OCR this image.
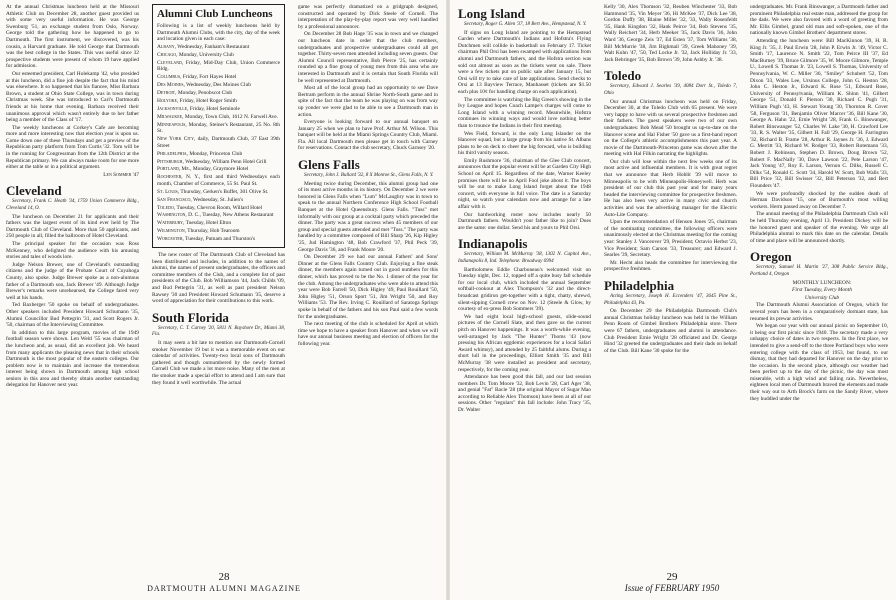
At the annual Christmas luncheon held at the Missouri Athletic Club on December 28, another guest provided us with some very useful information. He was George Swenburg '51, an exchange student from Oslo, Norway. George told the gathering how he happened to go to Dartmouth. The first instrument, we discovered, was his cousin, a Harvard graduate. He told George that Dartmouth was the best college in the States. This was useful since 32 prospective students were present of whom 19 have applied for admission.

Our esteemed president, Carl Holekamp '42, who presided at this luncheon, did a fine job despite the fact that his mind was elsewhere. It so happened that his fiancee, Miss Barbara Brown, a student at Ohio State College, was in town during Christmas week. She was introduced to Carl's Dartmouth friends at his home that evening. Barbara received their unanimous approval which wasn't entirely due to her father being a member of the Class of '17.

The weekly luncheons at Corkey's Cafe are becoming more and more interesting now that election year is upon us. Come down one of these Thursdays and get a preview of the Republican party platform from Tom Curtis '32. Tom will be in the running for Congressman from the 12th District at the Republican primary. We can always make room for one more either at the table or in a political argument.

Len Sommer '47
Cleveland

Secretary, Frank C. Heath '34, 1759 Union Commerce Bldg., Cleveland 14, O.

The luncheon on December 21 for applicants and their fathers was the largest event of its kind ever held by The Dartmouth Club of Cleveland. More than 50 applicants, and 250 people in all, filled the ballroom of Hotel Cleveland.

The principal speaker for the occasion was Ross McKenney, who delighted the audience with his amusing stories and tales of woods lore.

Judge Nelson Brewer, one of Cleveland's outstanding citizens and the judge of the Probate Court of Cuyahoga County, also spoke. Judge Brewer spoke as a non-alumnus father of a Dartmouth son, Jack Brewer '49. Although Judge Brewer's remarks were unrehearsed, the College fared very well at his hands.

Ted Baxberger '50 spoke on behalf of undergraduates. Other speakers included President Howard Schumann '35, Alumni Councillor Bud Pettegrin '31, and Scott Rogers Jr. '50, chairman of the Interviewing Committee.

In addition to this large program, movies of the 1949 football season were shown. Len Weitl '55 was chairman of the luncheon and, as usual, did an excellent job. We heard from many applicants the pleasing news that in their schools Dartmouth is the most popular of the eastern colleges. Our problem now is to maintain and increase the tremendous interest being shown in Dartmouth among high school seniors in this area and thereby obtain another outstanding delegation for Hanover next year.

Alumni Club Luncheons

Following is a list of weekly luncheons held by Dartmouth Alumni Clubs, with the city, day of the week and location given in each case:

Albany, Wednesday, Fanham's Restaurant

Chicago, Monday, University Club

Cleveland, Friday, Mid-Day Club, Union Commerce Bldg.

Columbus, Friday, Fort Hayes Hotel

Des Moines, Wednesday, Des Moines Club

Detroit, Monday, Penobscot Club

Holyoke, Friday, Hotel Roger Smith

Jacksonville, Friday, Hotel Seminole

Milwaukee, Monday, Town Club, 1612 N. Farwell Ave.

Minneapolis, Monday, Steiner's Restaurant, 25 No. 8th St.

New York City, daily, Dartmouth Club, 37 East 39th Street

Philadelphia, Monday, Princeton Club

Pittsburgh, Wednesday, William Penn Hotel Grill

Portland, Me., Monday, Graymore Hotel

Rochester, N. Y., first and third Wednesdays each month, Chamber of Commerce, 55 St. Paul St.

St. Louis, Thursday, Gerken's Buffet, 301 Olive St.

San Francisco, Wednesday, St. Julien's

Toledo, Tuesday, Chevron Room, Willard Hotel

Washington, D. C., Tuesday, New Athens Restaurant

Waterbury, Tuesday, Hotel Elton

Wilmington, Thursday, Hob Tearoom

Worcester, Tuesday, Putnam and Thurston's

The new roster of The Dartmouth Club of Cleveland has been distributed and includes, in addition to the names of alumni, the names of present undergraduates, the officers and committee members of the Club, and a complete list of past presidents of the Club. Bob Williamson '44, Jack Childs '09, and Bud Pettegrin '31, as well as past president Nelson Rawsey '30 and President Howard Schumann '35, deserve a word of appreciation for their contributions to this work.

South Florida

Secretary, C. T. Carney '20, 5811 N. Bayshore Dr., Miami 38, Fla.

It may seem a bit late to mention our Dartmouth-Cornell smoker November 19 but it was a memorable event on our calendar of activities. Twenty-two local sons of Dartmouth gathered and though outnumbered by the newly formed Cornell Club we made a lot more noise. Many of the men at the smoker made a special effort to attend and I am sure that they found it well worthwhile. The actual

game was perfectly dramatized on a gridgraph designed, constructed and operated by Dick Steele of Cornell. The interpretation of the play-by-play report was very well handled by a professional announcer.

On December 28 Bob Hage '35 was in town and we changed our luncheon date in order that the club members, undergraduates and prospective undergraduates could all get together. Thirty-seven men attended including seven guests. Our Alumni Council representative, Bob Pierce '25, has certainly rounded up a fine group of young men from this area who are interested in Dartmouth and it is certain that South Florida will be well represented at Dartmouth.

Most all of the local group had an opportunity to see Dave Bertram perform in the annual Shrine North-South game and in spite of the fact that the team he was playing on was from way up yonder we were glad to be able to see a Dartmouth man in action.

Everyone is looking forward to our annual banquet on January 25 when we plan to have Prof. Arthur M. Wilson. This banquet will be held at the Miami Springs Country Club, Miami. Fla. All local Dartmouth men please get in touch with Carney for reservations. Contact the club secretary, Chuck Garnsey '20.

Glens Falls

Secretary, John J. Bullard '32, 8 X Monroe St., Glens Falls, N. Y.

Meeting twice during December, this alumni group had one of its most active months in its history. On December 2 we were honored in Glens Falls when "Lum" McLaughry was in town to speak to the annual Northern Conference High School Football Banquet at the Hotel Queensbury. Glens Falls. "Tuss" met informally with our group at a cocktail party which preceded the dinner. The party was a great success when 45 members of our group and special guests attended and met "Tuss." The party was handled by a committee composed of Bill Sharp '26, Kip Higley '25, Jud Hamington '48, Bob Crawford '37, Phil Peck '39, George Davis '36, and Frank Moore '20.

On December 29 we had our annual Fathers' and Sons' Dinner at the Glens Falls Country Club. Enjoying a fine steak dinner, the members again turned out in good numbers for this dinner, which has proved to be the No. 1 dinner of the year for the club. Among the undergraduates who were able to attend this year were Bob Farrell '50, Dick Higley '49, Paul Rouillard '50, John Higley '51, Orson Sport '51, Jim Wright '50, and Roy Williams '53. The Rev. Irving C. Rouillard of Saratoga Springs spoke in behalf of the fathers and his son Paul said a few words for the undergraduates.

The next meeting of the club is scheduled for April at which time we hope to have a speaker from Hanover and when we will have our annual business meeting and election of officers for the following year.

28
DARTMOUTH ALUMNI MAGAZINE
Long Island

Secretary, Roger G. Allen '37, 18 Bert Ave., Hempstead, N. Y.

If signs on Long Island are pointing to the Hempstead Garden where Dartmouth's Indians and Hofstra's Flying Dutchmen will collide in basketball on February 17. Ticket chairman Phil Orsi has been swamped with applications from alumni and Dartmouth fathers, and the Hofstra section was sold out almost as soon as the tickets went on sale. There were a few tickets put on public sale after January 15, but Orsi will try to take care of late applications. Send checks to Orsi at 13 Bayview Terrace, Manhasset (tickets are $1.50 each plus 10¢ for handling charge on each application).

The committee is watching the Big Green's showing in the Ivy League and hopes Coach Lampe's charges will come to Long Island with a winning record. Meanwhile, Hofstra continues its winning ways and would love nothing better than to trounce the Indians in their first meeting.

Wes Field, forward, is the only Long Islander on the Hanover squad, but a large group from his native St. Albans plans to be on deck to cheer the big forward, who is building his third varsity season.

Emily Rushmore '36, chairman of the Glee Club concert, announces that the popular event will be at Garden City High School on April 15. Regardless of the date, Warner Keeley promises there will be no April Fool joke about it. The boys will be out to make Long Island forget about the 1948 concert, with everyone in full voice. The date is a Saturday night, so watch your calendars now and arrange for a late affair with it.

Our hardworking roster now includes nearly 50 Dartmouth fathers. Wouldn't your father like to join? Dues are the same: one dollar. Send his and yours to Phil Orsi.

Indianapolis

Secretary, William M. McMurray '38, 1302 N. Capitol Ave., Indianapolis 8, Ind. Telephone: Broadway 6994

Bartholomew Eddie Charboneau's welcomed visit on Tuesday night, Dec. 12, topped off a quite busy fall schedule for our local club, which included the annual September softball-cookout at Alex Thompson's '32 and the direct-broadcast gridiron get-together with a tight, chatty, shrewd, silent-sipping Cornell crew on Nov. 12 (Steele & Glow, by courtesy of ex-press Bob Sommers '39).

We had eight local high-school guests, slide-sound pictures of the Cornell Slate, and then gave us the current pitch on Hanover happenings. It was a worth-while evening, well-arranged by Jack "The Hunter" Thoms '43 (now pressing his African eggdemic experiences for a local Safari Award whimsy), and attended by 25 faithful alums. During a short lull in the proceedings, Elliott Smith '35 and Bill McMurray '38 were installed as president and secretary, respectively, for the coming year.

Attendance has been good this fall, and our last session members Dr. Tom Moore '32, Bob Levin '28, Carl Ager '38, and genial "Fat" Bacle '28 (the original Mayor of Sugar Mao according to Reliable Alex Thomson) have been at all of our sessions. Other "regulars" this fall include: John Tracy '35, Dr. Walter

Kelly '30, Alex Thomson '32, Reuben Winchester '33, Bob Hammond '35, Vin Meyer '36, Hi McKee '37, Dick Lee '38, Gordon Duffy '38, Blaine Miller '32, '33, Wally Rosenfeldt '35, Hank Kingdon '32, Hank Peirce '34, Bob Stevens '35, Wally Reichert '34, Herb Meeker '35, Jack Davis '36, John Ward '36, George Zeis '37, Ed Esten '37, Tom Williams '38, Bill McMurrie '38, Jim Bighmail '39, Greek Mahoney '39, Walt Kuhn '47, '50, Ted Locke Jr. '32, Jack Holliday Jr. '33, Jack Behringer '35, Bob Brown '39, John Ashby Jr. '38.

Toledo

Secretary, Edward J. Searles '39, 4084 Dorr St., Toledo 7, Ohio

Our annual Christmas luncheon was held on Friday, December 30, at the Toledo Club with 65 present. We were very happy to have with us several prospective freshmen and their fathers. The guest speakers were two of our own undergraduates: Bob Mead '50 brought us up-to-date on the Hanover scene and Hal Fisher '50 gave us a first-hand report on the College's athletic accomplishments this past year. A movie of the Dartmouth-Princeton game was shown after the meeting with Hal Filkin narrating the highlights.

Our club will lose within the next few weeks one of its most active and influential members. It is with great regret that we announce that Herb Hoblit '39 will move to Minneapolis to be with Minneapolis-Honeywell. Herb was president of our club this past year and for many years headed the interviewing committee for prospective freshmen. He has also been very active in many civic and church activities and was the advertising manager for the Electric Auto-Lite Company.

Upon the recommendation of Henson Jones '25, chairman of the nominating committee, the following officers were unanimously elected at the Christmas meeting for the coming year: Stanley J. Vanceover '29, President; Octavio Herbst '23, Vice President; Sam Carson '33, Treasurer; and Edward J. Searles '39, Secretary.

Mr. Hecht also heads the committee for interviewing the prospective freshmen.

Philadelphia

Acting Secretary, Joseph H. Eccenders '47, 3645 Pine St., Philadelphia 43, Pa.

On December 29 the Philadelphia Dartmouth Club's annual Christmas holiday luncheon was held in the William Penn Room of Gimbel Brothers Philadelphia store. There were 67 fathers, undergraduates and alumni in attendance. Club President Ernie Wright '28 officiated and Dr. George Hind '32 greeted the undergraduates and their dads on behalf of the Club. Bill Kane '30 spoke for the

undergraduates. Mr. Frank Binswanger, a Dartmouth father and prominent Philadelphia real estate man, addressed the group for the dads. We were also favored with a word of greeting from Mr. Ellis Gimbel, grand old man and soft-spoken, one of the nationally known Gimbel Brothers' department stores.

Attending the luncheon were: Bill MacKinnon '39, H. R. King Jr. '35, J. Paul Erwin '28, John P. Erwin Jr. '49, Victor C. Smith '17, Laurence N. Smith '22, Tom Peirce III '37, Ed MacBurney '39, Bruce Gilmore '35, W. Moore Gilmore, Temple U., Lowell S. Thomas Jr. '23, Lowell S. Thomas, University of Pennsylvania, W. C. Miller '36, "Smiley" Schubert '52, Tom Dixon '33, Wales Lee, Ursinus College, John G. Heston '28, John C. Heston Jr., Edward K. Rose '51, Edward Rose, University of Pennsylvania, William K. Shinn '41, Gilbert George '51, Donald F. Pierson '30, Richard C. Pugh '31, William Pugh '43, H. Stewart Young '30, Thornton R. Cover '58, Ferguson '31, Benjamin Oliver Marcer '36, Bill Kane '30, George A. Hahn '22, Ernie Wright '28, Frank G. Binswanger, Robert Binswanger '52, Charles W. Lake '30, H. Crawford Lee '33, R. S. Walter '35, Gilbert H. Fall '29, George H. Farrington '32, Richard B. Frame '28, Arthur R. Jaynes Jr. '36, J. Edward G. Merritt '33, Richard W. Rodger '33, Robert Rotemann '33, Robert J. Robinson, Stephen D. Brown, Doug Brown '52, Robert F. MacNally '30, Dave Lawson '22, Pete Larson '47, Jack Young '47, Roy E. Larson, Vernon C. Dilks, Russell C. Dilks '54, Ronald C. Scott '34, Harold W. Scott, Bob Walls '33, Bill Price '32, Bill Swisser '32, Bill Peterson '32, and Bert Flounders '47.

We were profoundly shocked by the sudden death of Herman Davidson '15, one of Burmouth's most willing workers. Herm passed away on December 7.

The annual meeting of the Philadelphia Dartmouth Club will be held Thursday evening, April 13. President Dickey will be the honored guest and speaker of the evening. We urge all Philadelphia alumni to mark this date on the calendar. Details of time and place will be announced shortly.

Oregon

Secretary, Samuel H. Martin '27, 308 Public Service Bldg., Portland 4, Oregon

MONTHLY LUNCHEON:

First Tuesday, Every Month

University Club

The Dartmouth Alumni Association of Oregon, which for several years has been in a comparatively dormant state, has resumed its prewar activities.

We began our year with our annual picnic on September 10, it being our first picnic since 1940. The secretary made a very unhappy choice of dates in two respects. In the first place, we intended to give a send-off to the three Portland boys who were entering college with the class of 1953, but found, to our dismay, that they had departed for Hanover on the day prior to the occasion. In the second place, although our weather had been perfect up to the day of the picnic, the day was most miserable, with a high wind and falling rain. Nevertheless, eighteen local men of Dartmouth braved the elements and made their way out to Arth Brock's farm on the Sandy River, where they huddled under the

29
Issue of FEBRUARY 1950
